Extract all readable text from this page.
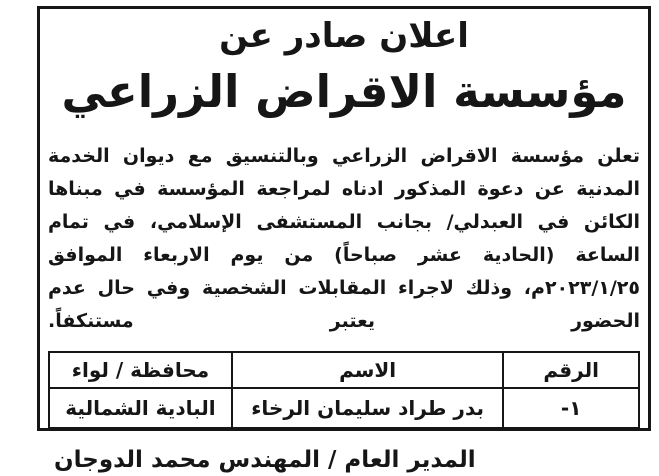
اعلان صادر عن
مؤسسة الاقراض الزراعي

تعلن مؤسسة الاقراض الزراعي وبالتنسيق مع ديوان الخدمة المدنية عن دعوة المذكور ادناه لمراجعة المؤسسة في مبناها الكائن في العبدلي/ بجانب المستشفى الإسلامي، في تمام الساعة (الحادية عشر صباحاً) من يوم الاربعاء الموافق ٢٠٢٣/١/٢٥م، وذلك لاجراء المقابلات الشخصية وفي حال عدم الحضور يعتبر مستنكفاً.

الرقم	الاسم	محافظة / لواء
١-	بدر طراد سليمان الرخاء	البادية الشمالية
المدير العام / المهندس محمد الدوجان
